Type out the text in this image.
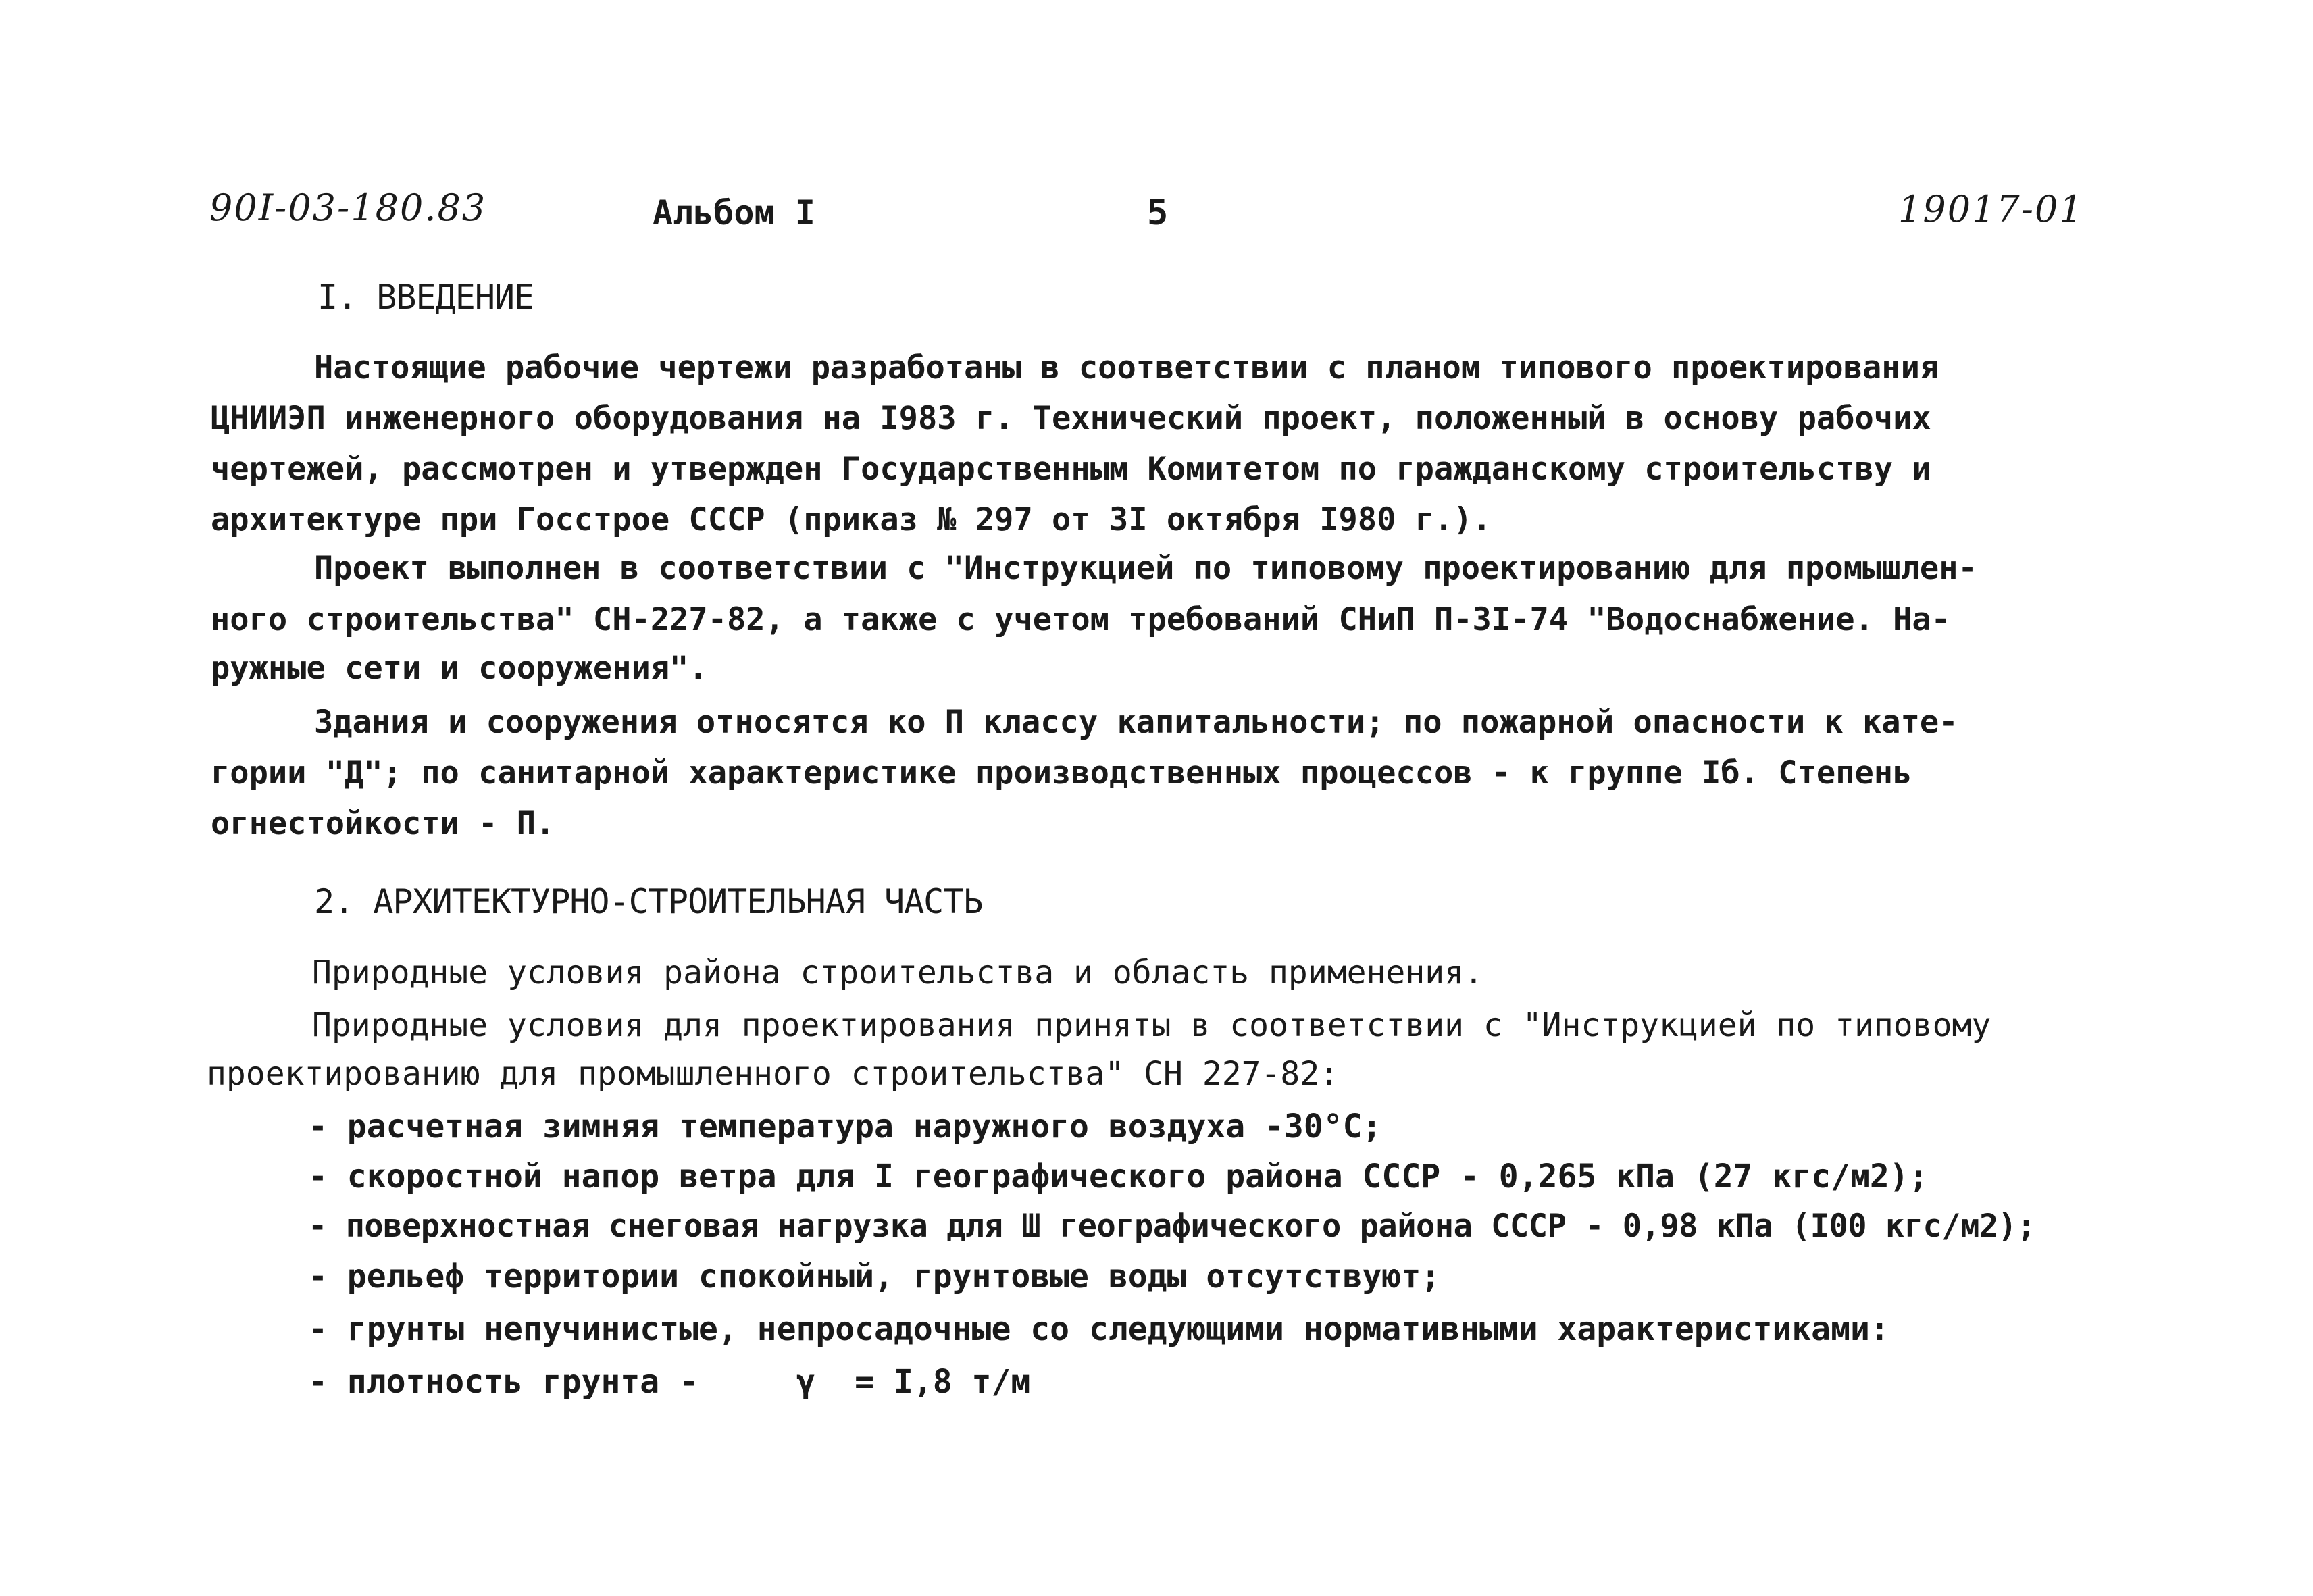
90I-03-180.83	Альбом I	5	19017-01
I. ВВЕДЕНИЕ
Настоящие рабочие чертежи разработаны в соответствии с планом типового проектирования
ЦНИИЭП инженерного оборудования на I983 г. Технический проект, положенный в основу рабочих
чертежей, рассмотрен и утвержден Государственным Комитетом по гражданскому строительству и
архитектуре при Госстрое СССР (приказ № 297 от 3I октября I980 г.).
Проект выполнен в соответствии с "Инструкцией по типовому проектированию для промышлен-
ного строительства" СН-227-82, а также с учетом требований СНиП П-3I-74 "Водоснабжение. На-
ружные сети и сооружения".
Здания и сооружения относятся ко П классу капитальности; по пожарной опасности к кате-
гории "Д"; по санитарной характеристике производственных процессов - к группе Iб. Степень
огнестойкости - П.
2. АРХИТЕКТУРНО-СТРОИТЕЛЬНАЯ ЧАСТЬ
Природные условия района строительства и область применения.
Природные условия для проектирования приняты в соответствии с "Инструкцией по типовому
проектированию для промышленного строительства" СН 227-82:
- расчетная зимняя температура наружного воздуха -30°С;
- скоростной напор ветра для I географического района СССР - 0,265 кПа (27 кгс/м2);
- поверхностная снеговая нагрузка для Ш географического района СССР - 0,98 кПа (I00 кгс/м2);
- рельеф территории спокойный, грунтовые воды отсутствуют;
- грунты непучинистые, непросадочные со следующими нормативными характеристиками:
- плотность грунта -     γ  = I,8 т/м
